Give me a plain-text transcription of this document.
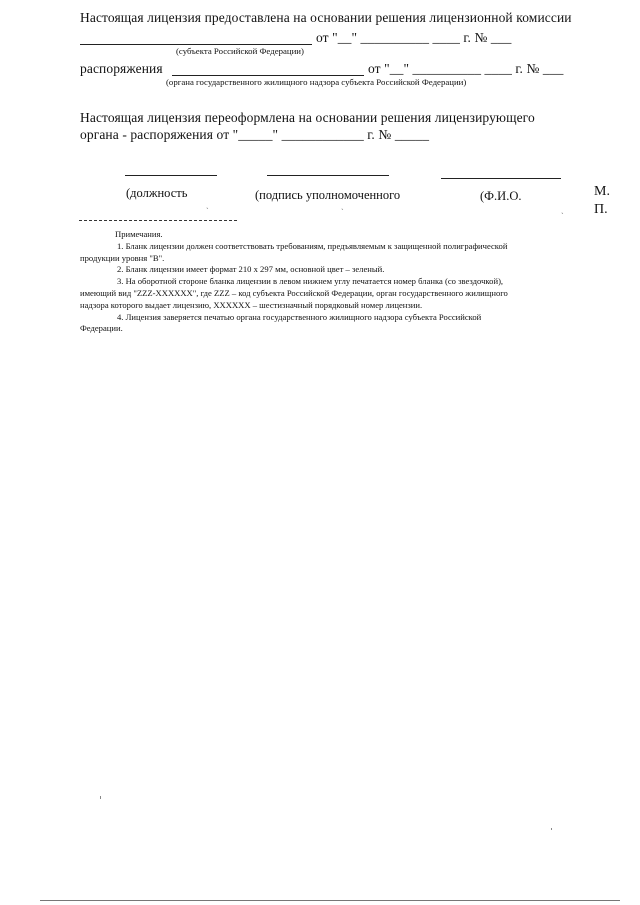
Настоящая лицензия предоставлена на основании решения лицензионной комиссии
от "__" __________ ____ г. № ___
(субъекта Российской Федерации)
распоряжения	от "__" __________ ____ г. № ___
(органа государственного жилищного надзора субъекта Российской Федерации)
Настоящая лицензия переоформлена на основании решения лицензирующего
органа - распоряжения от "_____" ____________ г. № _____
(должность	(подпись уполномоченного	(Ф.И.О.	М.
П.
ˎ	ˎ	ˎ
Примечания.
1. Бланк лицензии должен соответствовать требованиям, предъявляемым к защищенной полиграфической
продукции уровня "В".
2. Бланк лицензии имеет формат 210 x 297 мм, основной цвет – зеленый.
3. На оборотной стороне бланка лицензии в левом нижнем углу печатается номер бланка (со звездочкой),
имеющий вид "ZZZ-XXXXXX", где ZZZ – код субъекта Российской Федерации, орган государственного жилищного
надзора которого выдает лицензию, XXXXXX – шестизначный порядковый номер лицензии.
4. Лицензия заверяется печатью органа государственного жилищного надзора субъекта Российской
Федерации.
